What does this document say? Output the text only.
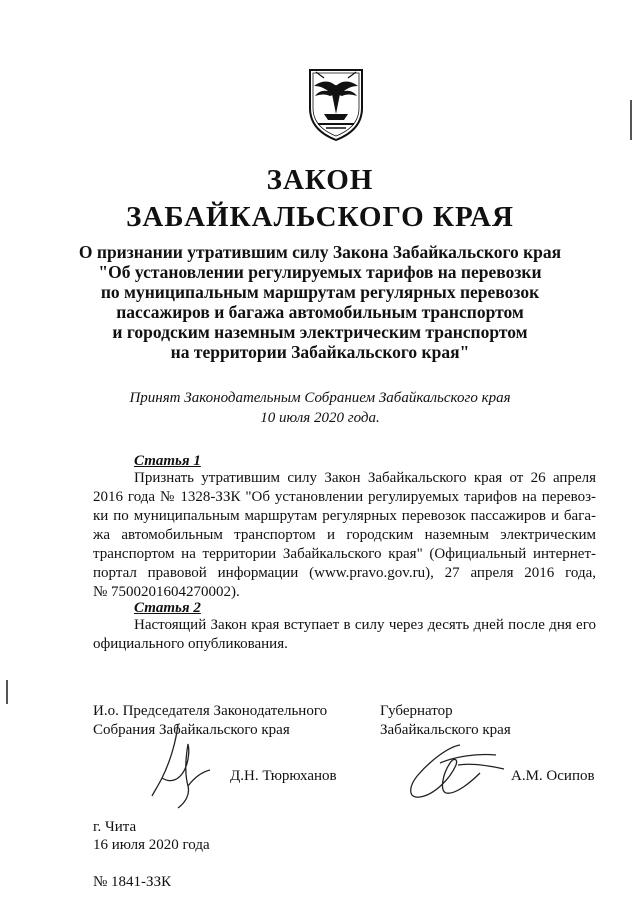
ЗАКОН
ЗАБАЙКАЛЬСКОГО КРАЯ
О признании утратившим силу Закона Забайкальского края
"Об установлении регулируемых тарифов на перевозки
по муниципальным маршрутам регулярных перевозок
пассажиров и багажа автомобильным транспортом
и городским наземным электрическим транспортом
на территории Забайкальского края"
Принят Законодательным Собранием Забайкальского края
10 июля 2020 года.
Статья 1
Признать утратившим силу Закон Забайкальского края от 26 апреля
2016 года № 1328-ЗЗК "Об установлении регулируемых тарифов на перевоз-
ки по муниципальным маршрутам регулярных перевозок пассажиров и бага-
жа автомобильным транспортом и городским наземным электрическим
транспортом на территории Забайкальского края" (Официальный интернет-
портал правовой информации (www.pravo.gov.ru), 27 апреля 2016 года,
№ 7500201604270002).
Статья 2
Настоящий Закон края вступает в силу через десять дней после дня его
официального опубликования.
И.о. Председателя Законодательного
Собрания Забайкальского края
Губернатор
Забайкальского края
Д.Н. Тюрюханов	А.М. Осипов
г. Чита
16 июля 2020 года
№ 1841-ЗЗК
